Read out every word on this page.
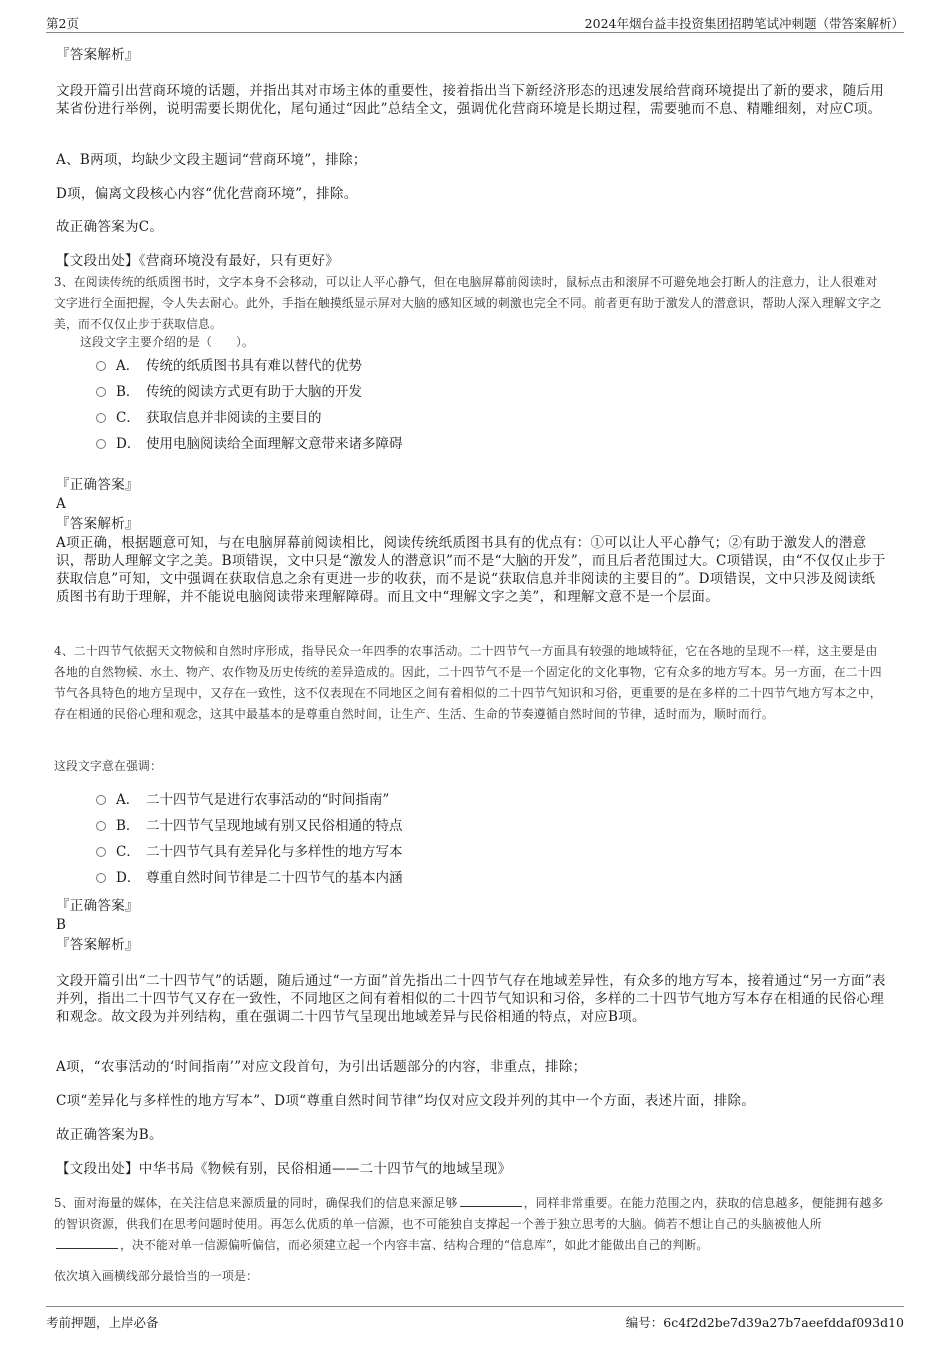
第2页	2024年烟台益丰投资集团招聘笔试冲刺题（带答案解析）
『答案解析』
文段开篇引出营商环境的话题，并指出其对市场主体的重要性，接着指出当下新经济形态的迅速发展给营商环境提出了新的要求，随后用某省份进行举例，说明需要长期优化，尾句通过“因此”总结全文，强调优化营商环境是长期过程，需要驰而不息、精雕细刻，对应C项。
A、B两项，均缺少文段主题词“营商环境”，排除；
D项，偏离文段核心内容“优化营商环境”，排除。
故正确答案为C。
【文段出处】《营商环境没有最好，只有更好》
3、在阅读传统的纸质图书时，文字本身不会移动，可以让人平心静气，但在电脑屏幕前阅读时，鼠标点击和滚屏不可避免地会打断人的注意力，让人很难对文字进行全面把握，令人失去耐心。此外，手指在触摸纸显示屏对大脑的感知区域的刺激也完全不同。前者更有助于激发人的潜意识，帮助人深入理解文字之美，而不仅仅止步于获取信息。
这段文字主要介绍的是（　　）。
A． 传统的纸质图书具有难以替代的优势
B． 传统的阅读方式更有助于大脑的开发
C． 获取信息并非阅读的主要目的
D． 使用电脑阅读给全面理解文意带来诸多障碍
『正确答案』
A
『答案解析』
A项正确，根据题意可知，与在电脑屏幕前阅读相比，阅读传统纸质图书具有的优点有：①可以让人平心静气；②有助于激发人的潜意识，帮助人理解文字之美。B项错误，文中只是“激发人的潜意识”而不是“大脑的开发”，而且后者范围过大。C项错误，由“不仅仅止步于获取信息”可知，文中强调在获取信息之余有更进一步的收获，而不是说“获取信息并非阅读的主要目的”。D项错误，文中只涉及阅读纸质图书有助于理解，并不能说电脑阅读带来理解障碍。而且文中“理解文字之美”，和理解文意不是一个层面。
4、二十四节气依据天文物候和自然时序形成，指导民众一年四季的农事活动。二十四节气一方面具有较强的地域特征，它在各地的呈现不一样，这主要是由各地的自然物候、水土、物产、农作物及历史传统的差异造成的。因此，二十四节气不是一个固定化的文化事物，它有众多的地方写本。另一方面，在二十四节气各具特色的地方呈现中，又存在一致性，这不仅表现在不同地区之间有着相似的二十四节气知识和习俗，更重要的是在多样的二十四节气地方写本之中，存在相通的民俗心理和观念，这其中最基本的是尊重自然时间，让生产、生活、生命的节奏遵循自然时间的节律，适时而为，顺时而行。
这段文字意在强调：
A． 二十四节气是进行农事活动的“时间指南”
B． 二十四节气呈现地域有别又民俗相通的特点
C． 二十四节气具有差异化与多样性的地方写本
D． 尊重自然时间节律是二十四节气的基本内涵
『正确答案』
B
『答案解析』
文段开篇引出“二十四节气”的话题，随后通过“一方面”首先指出二十四节气存在地域差异性，有众多的地方写本，接着通过“另一方面”表并列，指出二十四节气又存在一致性，不同地区之间有着相似的二十四节气知识和习俗，多样的二十四节气地方写本存在相通的民俗心理和观念。故文段为并列结构，重在强调二十四节气呈现出地域差异与民俗相通的特点，对应B项。
A项，“农事活动的‘时间指南’”对应文段首句，为引出话题部分的内容，非重点，排除；
C项“差异化与多样性的地方写本”、D项“尊重自然时间节律”均仅对应文段并列的其中一个方面，表述片面，排除。
故正确答案为B。
【文段出处】中华书局《物候有别，民俗相通——二十四节气的地域呈现》
5、面对海量的媒体，在关注信息来源质量的同时，确保我们的信息来源足够	，同样非常重要。在能力范围之内，获取的信息越多，便能拥有越多的智识资源，供我们在思考问题时使用。再怎么优质的单一信源，也不可能独自支撑起一个善于独立思考的大脑。倘若不想让自己的头脑被他人所，决不能对单一信源偏听偏信，而必须建立起一个内容丰富、结构合理的“信息库”，如此才能做出自己的判断。
依次填入画横线部分最恰当的一项是：
考前押题，上岸必备	编号：6c4f2d2be7d39a27b7aeefddaf093d10
